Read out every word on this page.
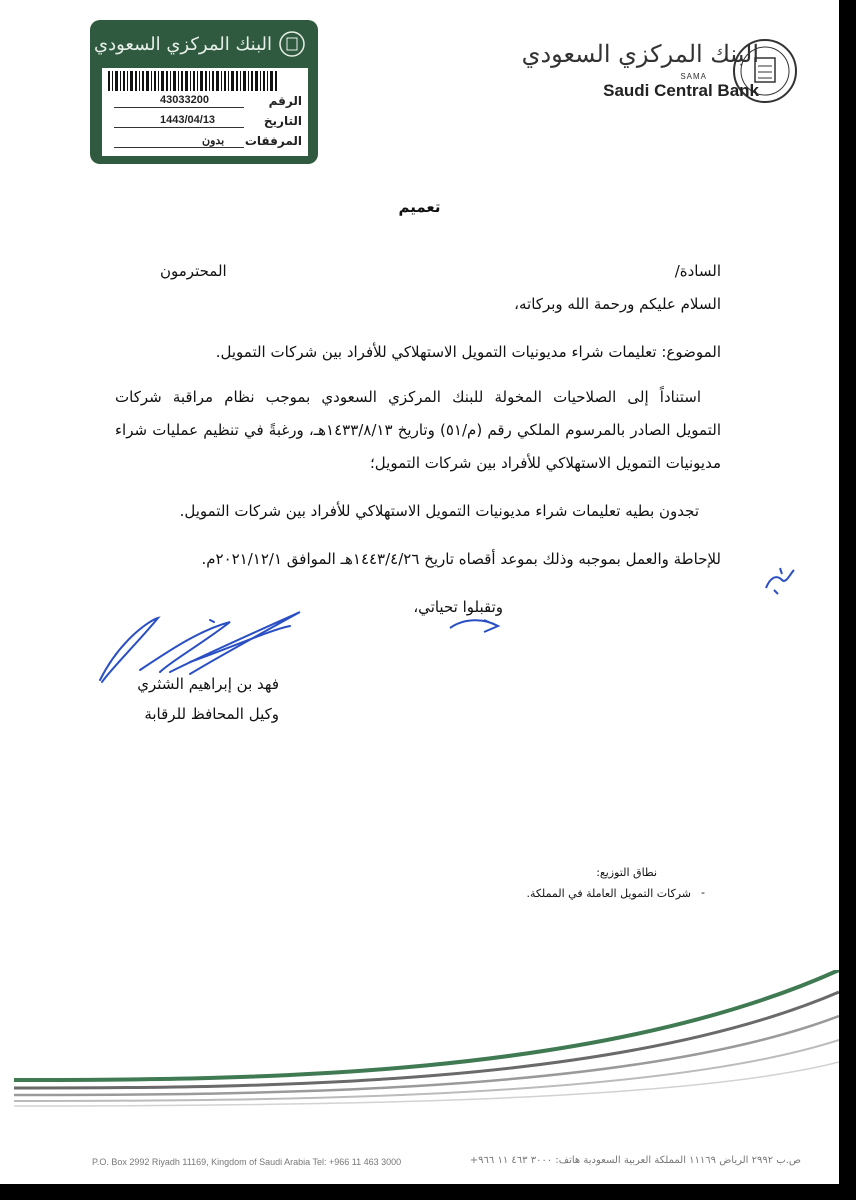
البنك المركزي السعودي
SAMA
Saudi Central Bank
البنك المركزي السعودي
الرقم
43033200
التاريخ
1443/04/13
المرفقات
بدون
تعميم
السادة/
المحترمون
السلام عليكم ورحمة الله وبركاته،
الموضوع: تعليمات شراء مديونيات التمويل الاستهلاكي للأفراد بين شركات التمويل.
استناداً إلى الصلاحيات المخولة للبنك المركزي السعودي بموجب نظام مراقبة شركات
التمويل الصادر بالمرسوم الملكي رقم (م/٥١) وتاريخ ١٤٣٣/٨/١٣هـ، ورغبةً في تنظيم عمليات شراء
مديونيات التمويل الاستهلاكي للأفراد بين شركات التمويل؛
تجدون بطيه تعليمات شراء مديونيات التمويل الاستهلاكي للأفراد بين شركات التمويل.
للإحاطة والعمل بموجبه وذلك بموعد أقصاه تاريخ ١٤٤٣/٤/٢٦هـ الموافق ٢٠٢١/١٢/١م.
وتقبلوا تحياتي،
فهد بن إبراهيم الشثري
وكيل المحافظ للرقابة
نطاق التوزيع:
-
شركات التمويل العاملة في المملكة.
P.O. Box 2992 Riyadh 11169, Kingdom of Saudi Arabia Tel: +966 11 463 3000	ص.ب ٢٩٩٢ الرياض ١١١٦٩ المملكة العربية السعودية هاتف: ٣٠٠٠ ٤٦٣ ١١ ٩٦٦+
